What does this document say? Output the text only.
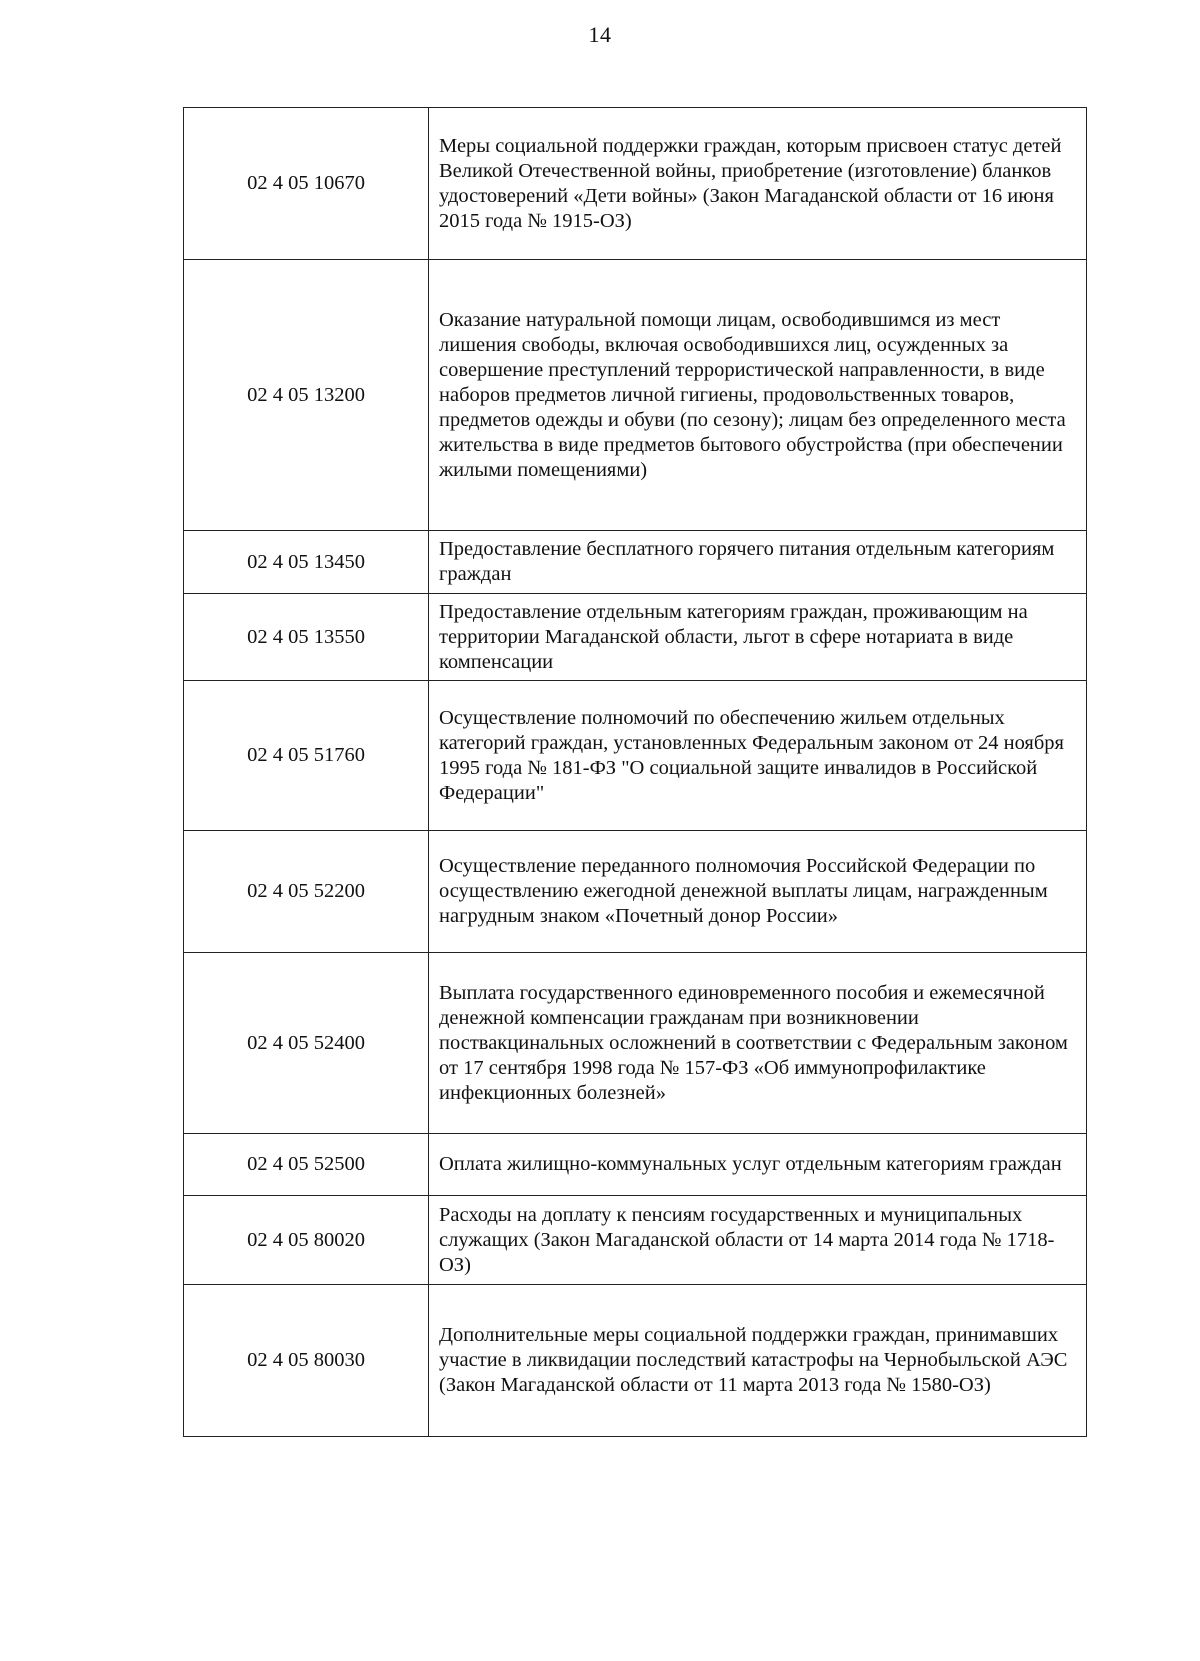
14
02 4 05 10670	Меры социальной поддержки граждан, которым присвоен статус детей Великой Отечественной войны, приобретение (изготовление) бланков удостоверений «Дети войны» (Закон Магаданской области от 16 июня 2015 года № 1915-ОЗ)

02 4 05 13200	Оказание натуральной помощи лицам, освободившимся из мест лишения свободы, включая освободившихся лиц, осужденных за совершение преступлений террористической направленности, в виде наборов предметов личной гигиены, продовольственных товаров, предметов одежды и обуви (по сезону); лицам без определенного места жительства в виде предметов бытового обустройства (при обеспечении жилыми помещениями)

02 4 05 13450	Предоставление бесплатного горячего питания отдельным категориям граждан

02 4 05 13550	Предоставление отдельным категориям граждан, проживающим на территории Магаданской области, льгот в сфере нотариата в виде компенсации

02 4 05 51760	Осуществление полномочий по обеспечению жильем отдельных категорий граждан, установленных Федеральным законом от 24 ноября 1995 года № 181-ФЗ "О социальной защите инвалидов в Российской Федерации"

02 4 05 52200	Осуществление переданного полномочия Российской Федерации по осуществлению ежегодной денежной выплаты лицам, награжденным нагрудным знаком «Почетный донор России»

02 4 05 52400	Выплата государственного единовременного пособия и ежемесячной денежной компенсации гражданам при возникновении поствакцинальных осложнений в соответствии с Федеральным законом от 17 сентября 1998 года № 157-ФЗ «Об иммунопрофилактике инфекционных болезней»

02 4 05 52500	Оплата жилищно-коммунальных услуг отдельным категориям граждан

02 4 05 80020	Расходы на доплату к пенсиям государственных и муниципальных служащих (Закон Магаданской области от 14 марта 2014 года № 1718-ОЗ)

02 4 05 80030	Дополнительные меры социальной поддержки граждан, принимавших участие в ликвидации последствий катастрофы на Чернобыльской АЭС (Закон Магаданской области от 11 марта 2013 года № 1580-ОЗ)
